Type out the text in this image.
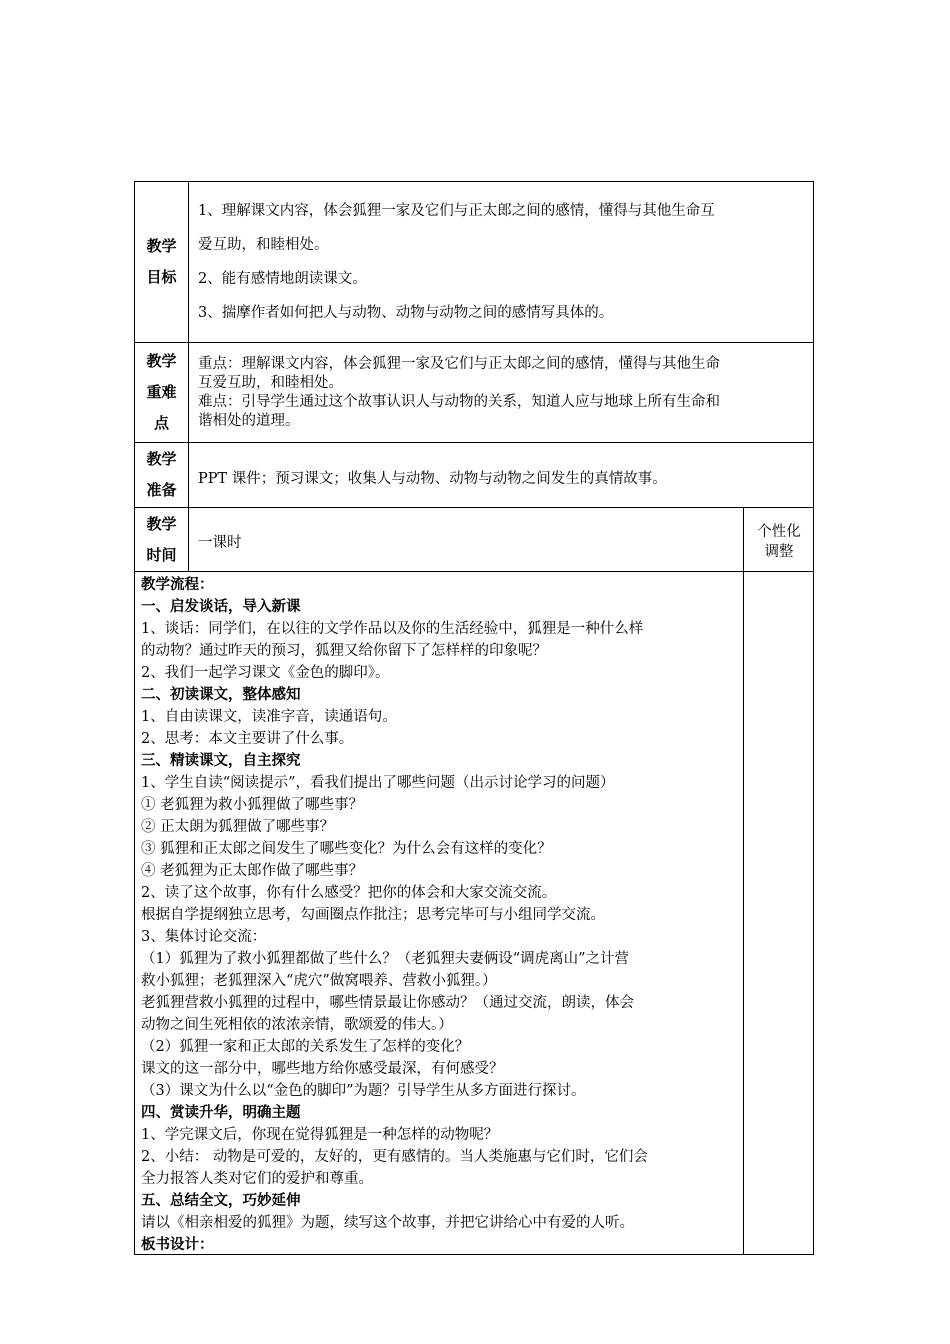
教学
目标

1、理解课文内容，体会狐狸一家及它们与正太郎之间的感情，懂得与其他生命互

爱互助，和睦相处。

2、能有感情地朗读课文。

3、揣摩作者如何把人与动物、动物与动物之间的感情写具体的。

教学
重难
点

重点：理解课文内容，体会狐狸一家及它们与正太郎之间的感情，懂得与其他生命

互爱互助，和睦相处。

难点：引导学生通过这个故事认识人与动物的关系，知道人应与地球上所有生命和

谐相处的道理。

教学
准备

PPT 课件；预习课文；收集人与动物、动物与动物之间发生的真情故事。

教学
时间

一课时

个性化
调整

教学流程：

一、启发谈话，导入新课

1、谈话：同学们，在以往的文学作品以及你的生活经验中，狐狸是一种什么样

的动物？通过昨天的预习，狐狸又给你留下了怎样样的印象呢？

2、我们一起学习课文《金色的脚印》。

二、初读课文，整体感知

1、自由读课文，读准字音，读通语句。

2、思考：本文主要讲了什么事。

三、精读课文，自主探究

1、学生自读“阅读提示”，看我们提出了哪些问题（出示讨论学习的问题）

① 老狐狸为救小狐狸做了哪些事？

② 正太朗为狐狸做了哪些事？

③ 狐狸和正太郎之间发生了哪些变化？为什么会有这样的变化？

④ 老狐狸为正太郎作做了哪些事？

2、读了这个故事，你有什么感受？把你的体会和大家交流交流。

根据自学提纲独立思考，勾画圈点作批注；思考完毕可与小组同学交流。

3、集体讨论交流：

（1）狐狸为了救小狐狸都做了些什么？（老狐狸夫妻俩设“调虎离山”之计营

救小狐狸；老狐狸深入“虎穴”做窝喂养、营救小狐狸。）

老狐狸营救小狐狸的过程中，哪些情景最让你感动？（通过交流，朗读，体会

动物之间生死相依的浓浓亲情，歌颂爱的伟大。）

（2）狐狸一家和正太郎的关系发生了怎样的变化？

课文的这一部分中，哪些地方给你感受最深，有何感受？

（3）课文为什么以“金色的脚印”为题？引导学生从多方面进行探讨。

四、赏读升华，明确主题

1、学完课文后，你现在觉得狐狸是一种怎样的动物呢？

2、小结： 动物是可爱的，友好的，更有感情的。当人类施惠与它们时，它们会

全力报答人类对它们的爱护和尊重。

五、总结全文，巧妙延伸

请以《相亲相爱的狐狸》为题，续写这个故事，并把它讲给心中有爱的人听。

板书设计：
